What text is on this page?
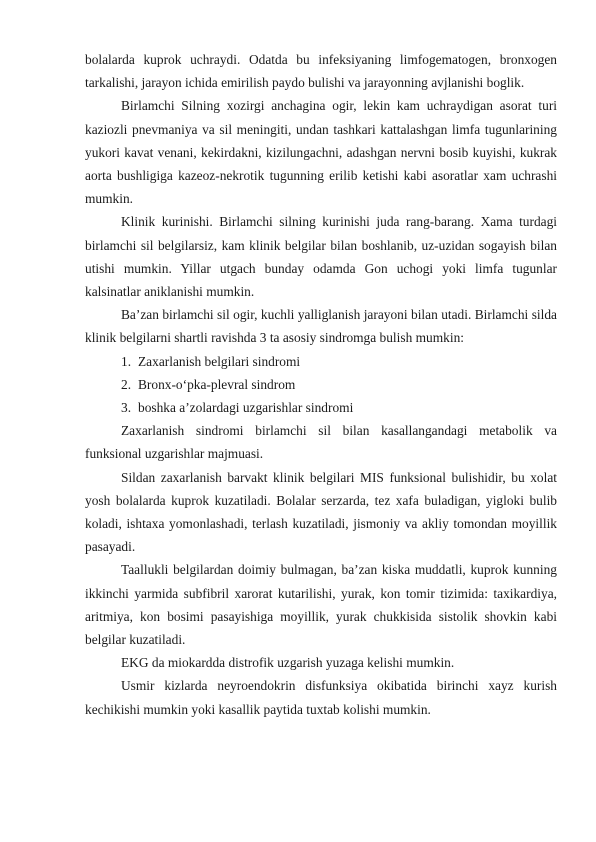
bolalarda kuprok uchraydi. Odatda bu infeksiyaning limfogematogen, bronxogen tarkalishi, jarayon ichida emirilish paydo bulishi va jarayonning avjlanishi boglik.

Birlamchi Silning xozirgi anchagina ogir, lekin kam uchraydigan asorat turi kaziozli pnevmaniya va sil meningiti, undan tashkari kattalashgan limfa tugunlarining yukori kavat venani, kekirdakni, kizilungachni, adashgan nervni bosib kuyishi, kukrak aorta bushligiga kazeoz-nekrotik tugunning erilib ketishi kabi asoratlar xam uchrashi mumkin.

Klinik kurinishi. Birlamchi silning kurinishi juda rang-barang. Xama turdagi birlamchi sil belgilarsiz, kam klinik belgilar bilan boshlanib, uz-uzidan sogayish bilan utishi mumkin. Yillar utgach bunday odamda Gon uchogi yoki limfa tugunlar kalsinatlar aniklanishi mumkin.

Ba’zan birlamchi sil ogir, kuchli yalliglanish jarayoni bilan utadi. Birlamchi silda klinik belgilarni shartli ravishda 3 ta asosiy sindromga bulish mumkin:

1. Zaxarlanish belgilari sindromi
2. Bronx-o‘pka-plevral sindrom
3. boshka a’zolardagi uzgarishlar sindromi

Zaxarlanish sindromi birlamchi sil bilan kasallangandagi metabolik va funksional uzgarishlar majmuasi.

Sildan zaxarlanish barvakt klinik belgilari MIS funksional bulishidir, bu xolat yosh bolalarda kuprok kuzatiladi. Bolalar serzarda, tez xafa buladigan, yigloki bulib koladi, ishtaxa yomonlashadi, terlash kuzatiladi, jismoniy va akliy tomondan moyillik pasayadi.

Taallukli belgilardan doimiy bulmagan, ba’zan kiska muddatli, kuprok kunning ikkinchi yarmida subfibril xarorat kutarilishi, yurak, kon tomir tizimida: taxikardiya, aritmiya, kon bosimi pasayishiga moyillik, yurak chukkisida sistolik shovkin kabi belgilar kuzatiladi.

EKG da miokardda distrofik uzgarish yuzaga kelishi mumkin.

Usmir kizlarda neyroendokrin disfunksiya okibatida birinchi xayz kurish kechikishi mumkin yoki kasallik paytida tuxtab kolishi mumkin.
